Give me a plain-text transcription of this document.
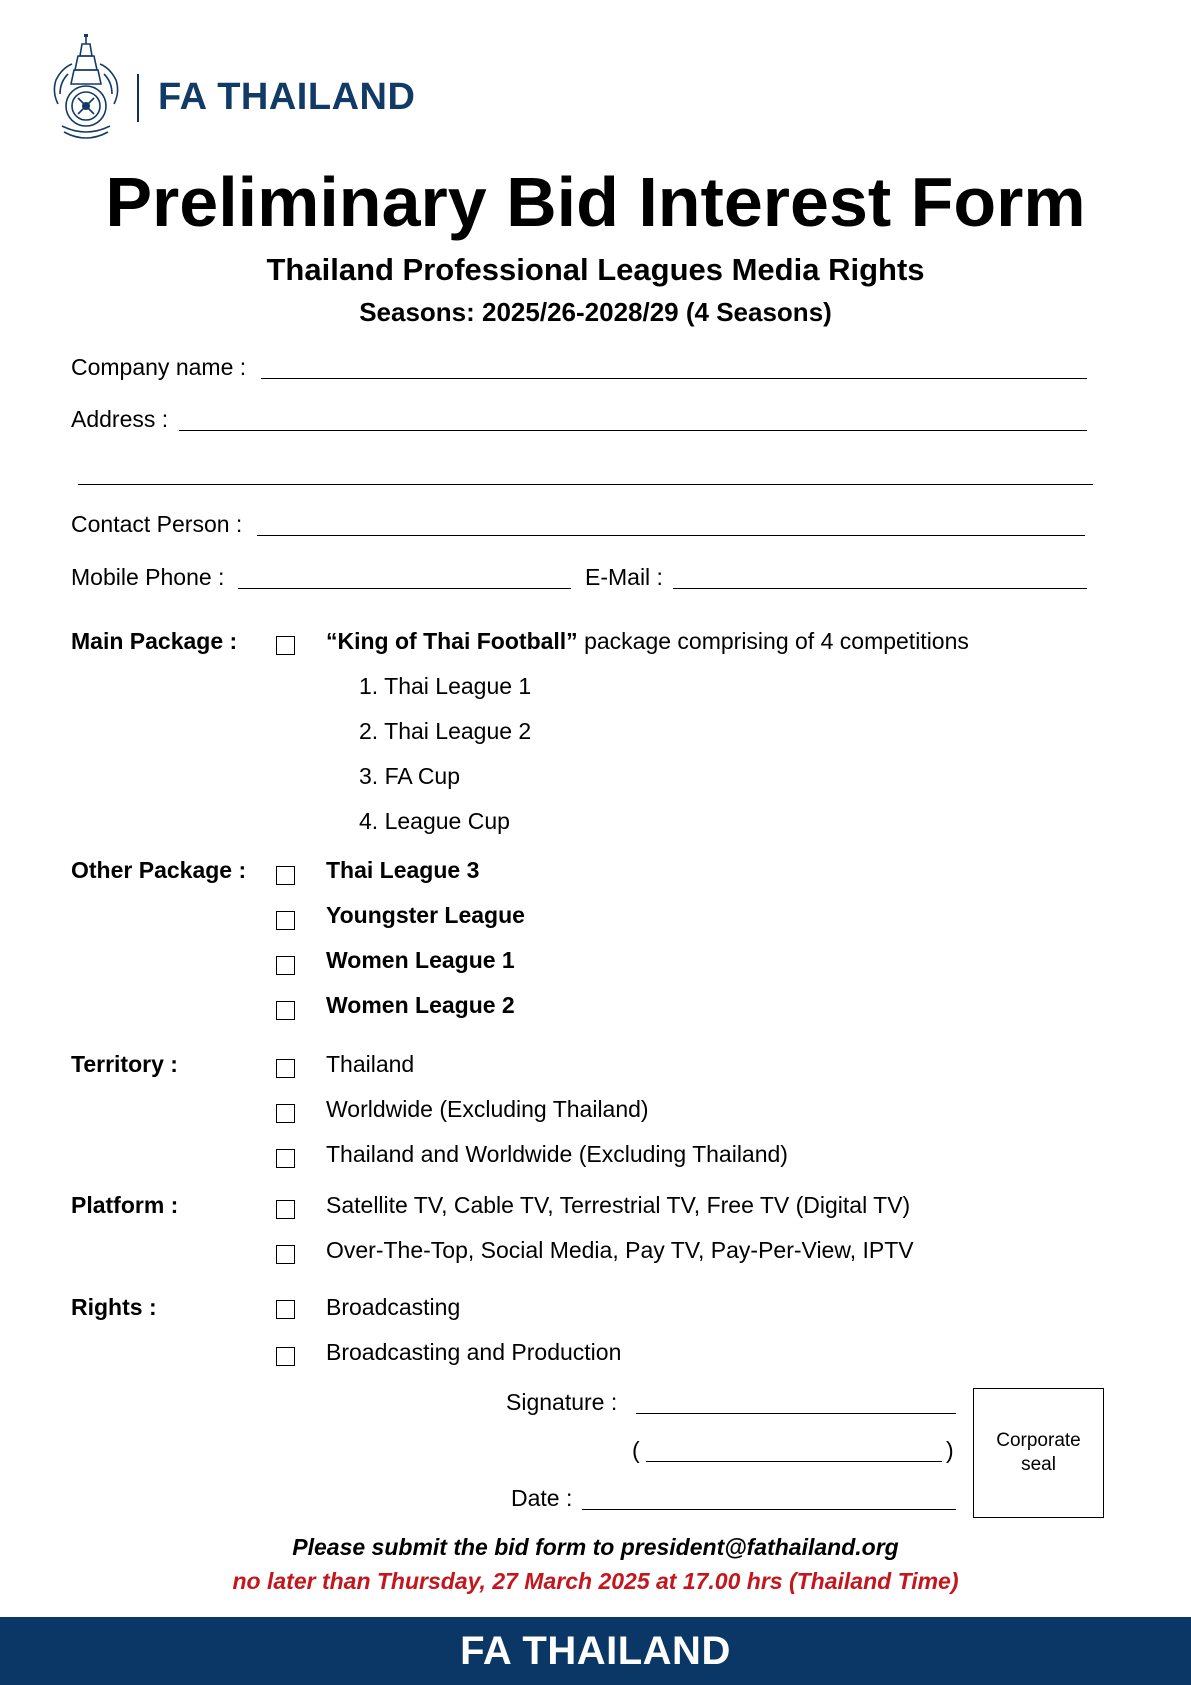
FA THAILAND
Preliminary Bid Interest Form
Thailand Professional Leagues Media Rights
Seasons: 2025/26-2028/29 (4 Seasons)
Company name :
Address :
Contact Person :
Mobile Phone :	E-Mail :
Main Package :	“King of Thai Football” package comprising of 4 competitions
1. Thai League 1
2. Thai League 2
3. FA Cup
4. League Cup
Other Package :	Thai League 3
Youngster League
Women League 1
Women League 2
Territory :	Thailand
Worldwide (Excluding Thailand)
Thailand and Worldwide (Excluding Thailand)
Platform :	Satellite TV, Cable TV, Terrestrial TV, Free TV (Digital TV)
Over-The-Top, Social Media, Pay TV, Pay-Per-View, IPTV
Rights :	Broadcasting
Broadcasting and Production
Signature :
(	)
Date :
Corporate
seal
Please submit the bid form to president@fathailand.org
no later than Thursday, 27 March 2025 at 17.00 hrs (Thailand Time)
FA THAILAND
